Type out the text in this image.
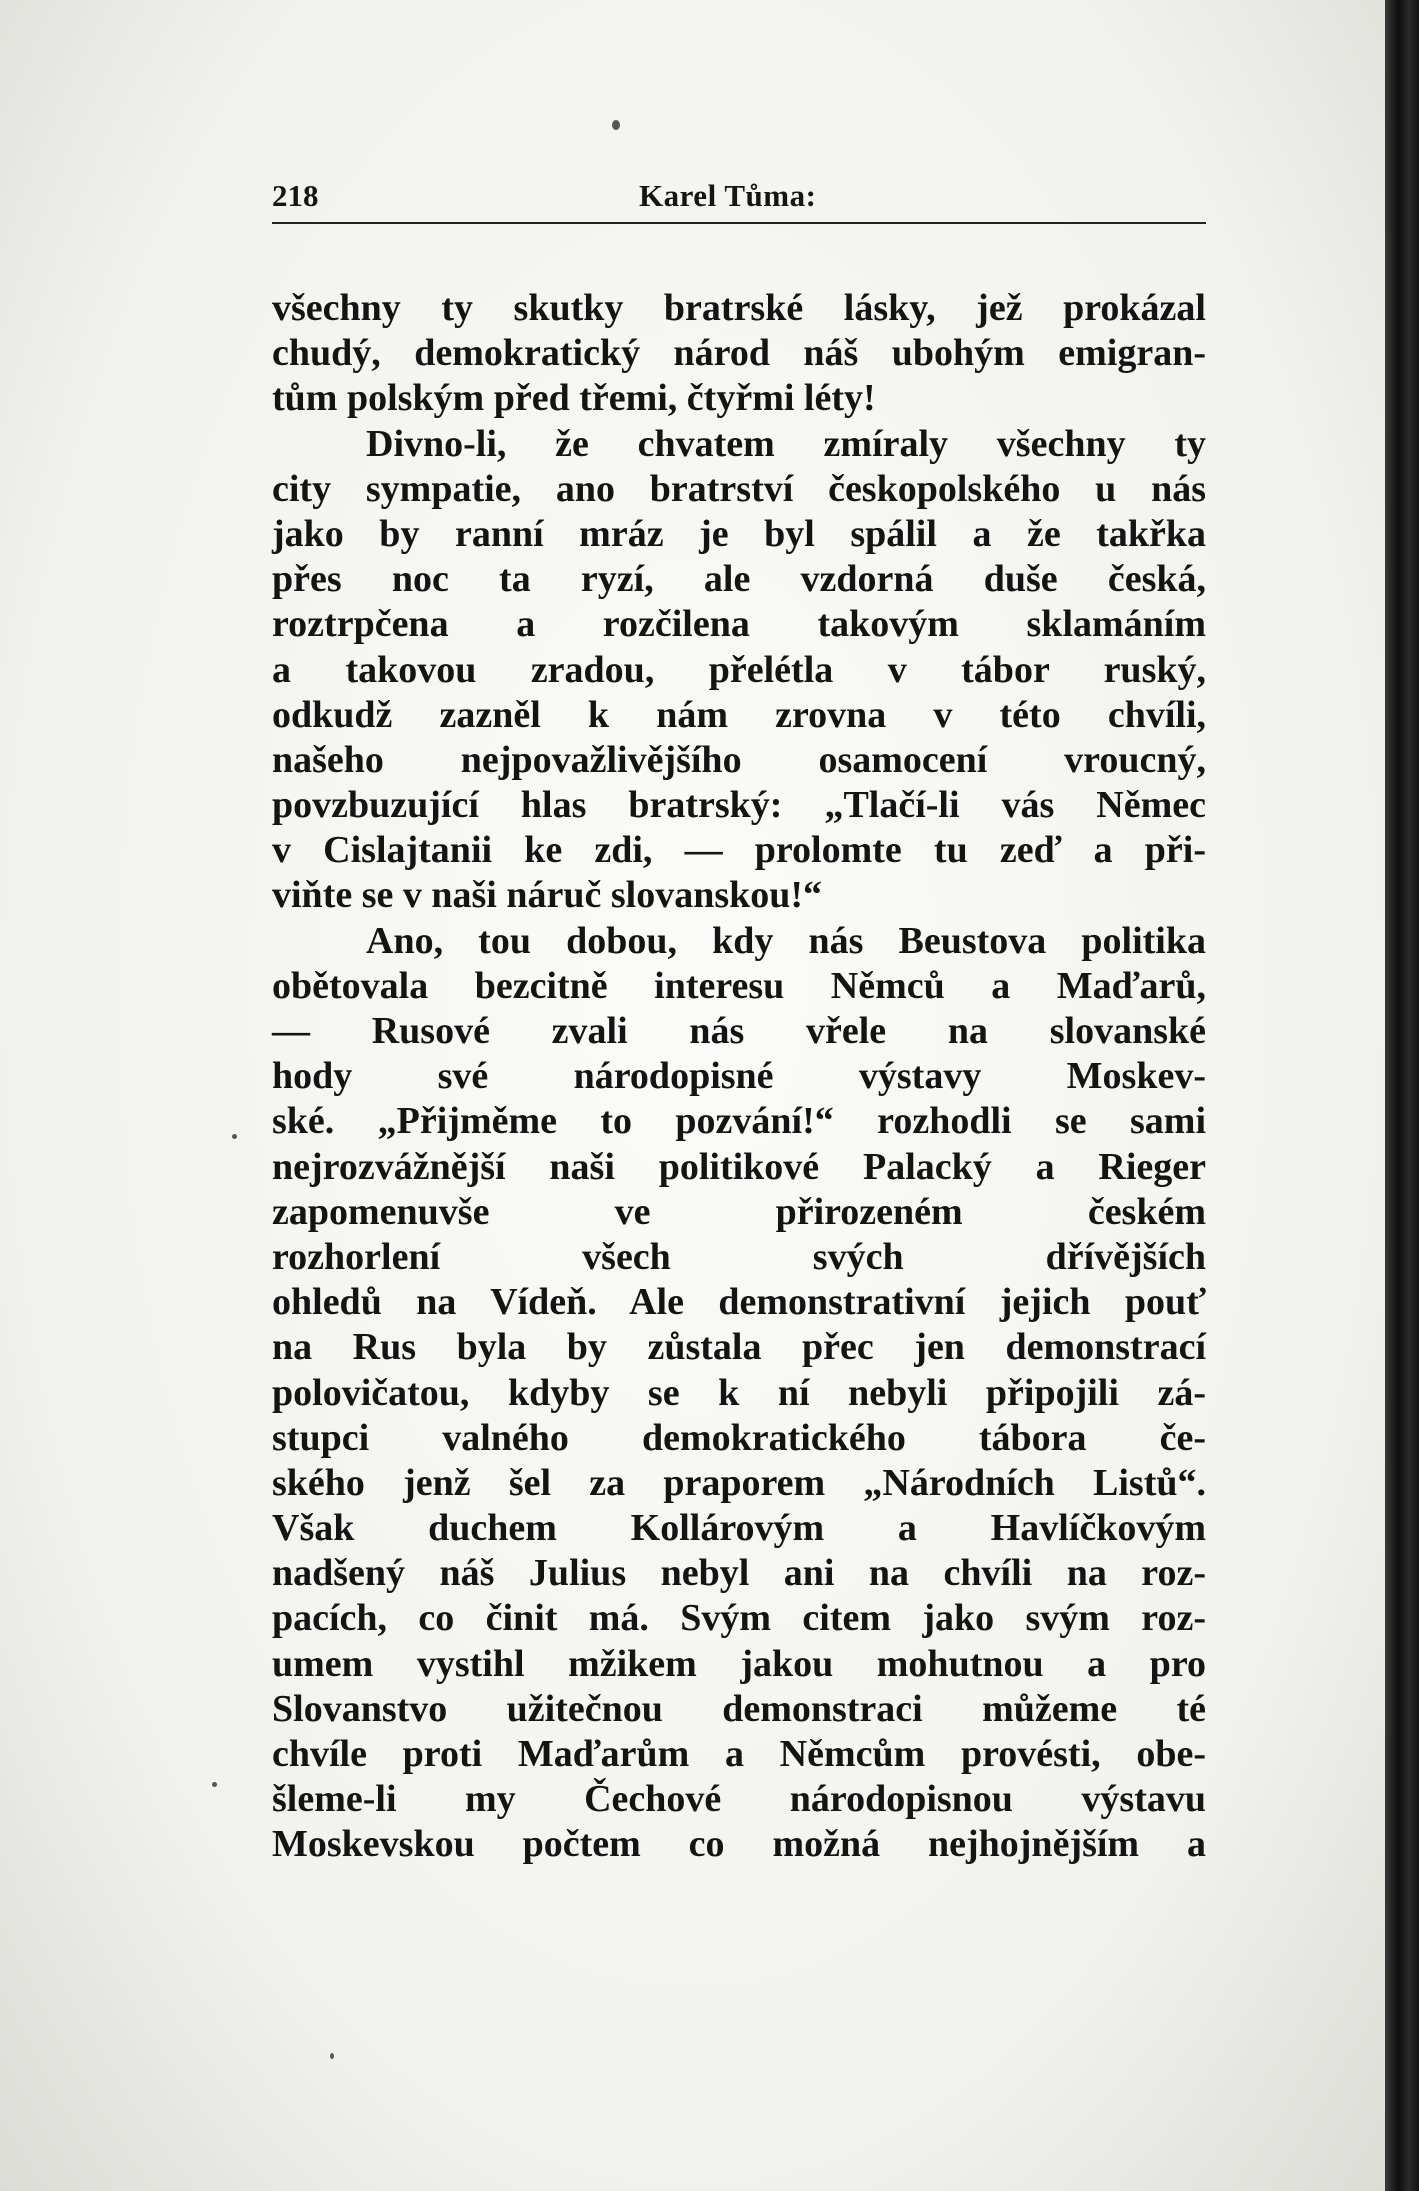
218	Karel Tůma:
všechny ty skutky bratrské lásky, jež prokázal
chudý, demokratický národ náš ubohým emigran-
tům polským před třemi, čtyřmi léty!
Divno-li, že chvatem zmíraly všechny ty
city sympatie, ano bratrství českopolského u nás
jako by ranní mráz je byl spálil a že takřka
přes noc ta ryzí, ale vzdorná duše česká,
roztrpčena a rozčilena takovým sklamáním
a takovou zradou, přelétla v tábor ruský,
odkudž zazněl k nám zrovna v této chvíli,
našeho nejpovažlivějšího osamocení vroucný,
povzbuzující hlas bratrský: „Tlačí-li vás Němec
v Cislajtanii ke zdi, — prolomte tu zeď a při-
viňte se v naši náruč slovanskou!“
Ano, tou dobou, kdy nás Beustova politika
obětovala bezcitně interesu Němců a Maďarů,
— Rusové zvali nás vřele na slovanské
hody své národopisné výstavy Moskev-
ské. „Přijměme to pozvání!“ rozhodli se sami
nejrozvážnější naši politikové Palacký a Rieger
zapomenuvše ve přirozeném českém
rozhorlení všech svých dřívějších
ohledů na Vídeň. Ale demonstrativní jejich pouť
na Rus byla by zůstala přec jen demonstrací
polovičatou, kdyby se k ní nebyli připojili zá-
stupci valného demokratického tábora če-
ského jenž šel za praporem „Národních Listů“.
Však duchem Kollárovým a Havlíčkovým
nadšený náš Julius nebyl ani na chvíli na roz-
pacích, co činit má. Svým citem jako svým roz-
umem vystihl mžikem jakou mohutnou a pro
Slovanstvo užitečnou demonstraci můžeme té
chvíle proti Maďarům a Němcům provésti, obe-
šleme-li my Čechové národopisnou výstavu
Moskevskou počtem co možná nejhojnějším a
